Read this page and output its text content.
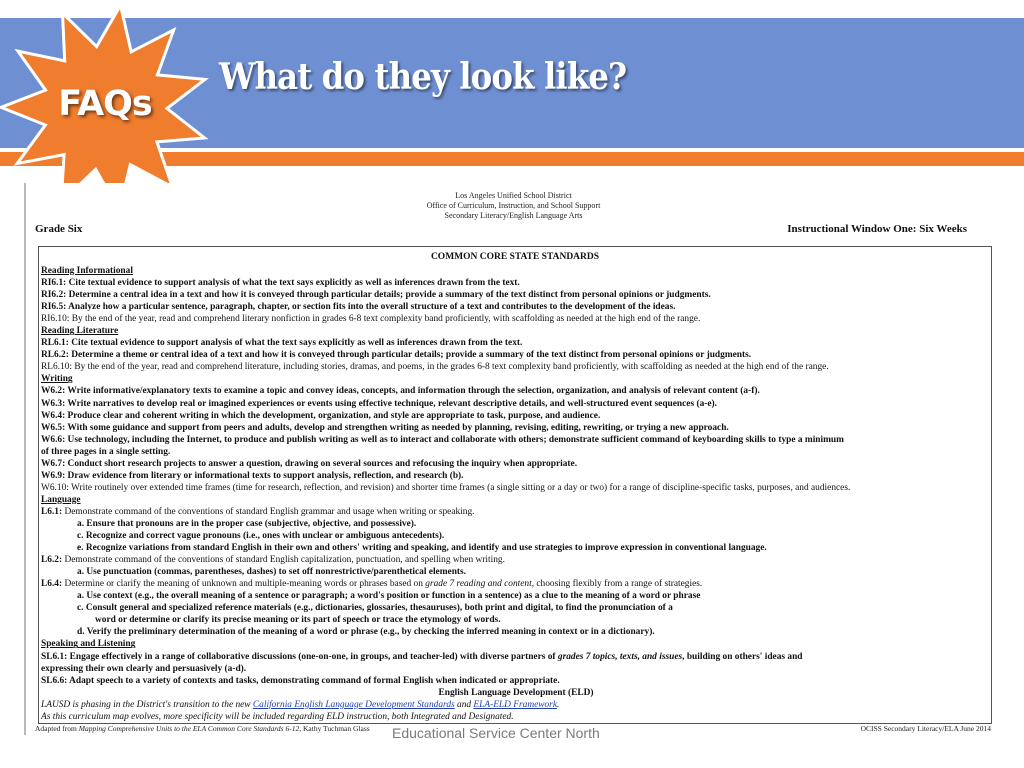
FAQs
What do they look like?
Los Angeles Unified School District
Office of Curriculum, Instruction, and School Support
Secondary Literacy/English Language Arts
Grade Six	Instructional Window One: Six Weeks
COMMON CORE STATE STANDARDS
Reading Informational
RI6.1: Cite textual evidence to support analysis of what the text says explicitly as well as inferences drawn from the text.
RI6.2: Determine a central idea in a text and how it is conveyed through particular details; provide a summary of the text distinct from personal opinions or judgments.
RI6.5: Analyze how a particular sentence, paragraph, chapter, or section fits into the overall structure of a text and contributes to the development of the ideas.
RI6.10: By the end of the year, read and comprehend literary nonfiction in grades 6-8 text complexity band proficiently, with scaffolding as needed at the high end of the range.
Reading Literature
RL6.1: Cite textual evidence to support analysis of what the text says explicitly as well as inferences drawn from the text.
RL6.2: Determine a theme or central idea of a text and how it is conveyed through particular details; provide a summary of the text distinct from personal opinions or judgments.
RL6.10: By the end of the year, read and comprehend literature, including stories, dramas, and poems, in the grades 6-8 text complexity band proficiently, with scaffolding as needed at the high end of the range.
Writing
W6.2: Write informative/explanatory texts to examine a topic and convey ideas, concepts, and information through the selection, organization, and analysis of relevant content (a-f).
W6.3: Write narratives to develop real or imagined experiences or events using effective technique, relevant descriptive details, and well-structured event sequences (a-e).
W6.4: Produce clear and coherent writing in which the development, organization, and style are appropriate to task, purpose, and audience.
W6.5: With some guidance and support from peers and adults, develop and strengthen writing as needed by planning, revising, editing, rewriting, or trying a new approach.
W6.6: Use technology, including the Internet, to produce and publish writing as well as to interact and collaborate with others; demonstrate sufficient command of keyboarding skills to type a minimum
of three pages in a single setting.
W6.7: Conduct short research projects to answer a question, drawing on several sources and refocusing the inquiry when appropriate.
W6.9: Draw evidence from literary or informational texts to support analysis, reflection, and research (b).
W6.10: Write routinely over extended time frames (time for research, reflection, and revision) and shorter time frames (a single sitting or a day or two) for a range of discipline-specific tasks, purposes, and audiences.
Language
L6.1: Demonstrate command of the conventions of standard English grammar and usage when writing or speaking.
a. Ensure that pronouns are in the proper case (subjective, objective, and possessive).
c. Recognize and correct vague pronouns (i.e., ones with unclear or ambiguous antecedents).
e. Recognize variations from standard English in their own and others' writing and speaking, and identify and use strategies to improve expression in conventional language.
L6.2: Demonstrate command of the conventions of standard English capitalization, punctuation, and spelling when writing.
a. Use punctuation (commas, parentheses, dashes) to set off nonrestrictive/parenthetical elements.
L6.4: Determine or clarify the meaning of unknown and multiple-meaning words or phrases based on grade 7 reading and content, choosing flexibly from a range of strategies.
a. Use context (e.g., the overall meaning of a sentence or paragraph; a word's position or function in a sentence) as a clue to the meaning of a word or phrase
c. Consult general and specialized reference materials (e.g., dictionaries, glossaries, thesauruses), both print and digital, to find the pronunciation of a
word or determine or clarify its precise meaning or its part of speech or trace the etymology of words.
d. Verify the preliminary determination of the meaning of a word or phrase (e.g., by checking the inferred meaning in context or in a dictionary).
Speaking and Listening
SL6.1: Engage effectively in a range of collaborative discussions (one-on-one, in groups, and teacher-led) with diverse partners of grades 7 topics, texts, and issues, building on others' ideas and
expressing their own clearly and persuasively (a-d).
SL6.6: Adapt speech to a variety of contexts and tasks, demonstrating command of formal English when indicated or appropriate.
English Language Development (ELD)
LAUSD is phasing in the District's transition to the new California English Language Development Standards and ELA-ELD Framework.
As this curriculum map evolves, more specificity will be included regarding ELD instruction, both Integrated and Designated.
Adapted from Mapping Comprehensive Units to the ELA Common Core Standards 6-12, Kathy Tuchman Glass	OCISS Secondary Literacy/ELA June 2014
Educational Service Center North
